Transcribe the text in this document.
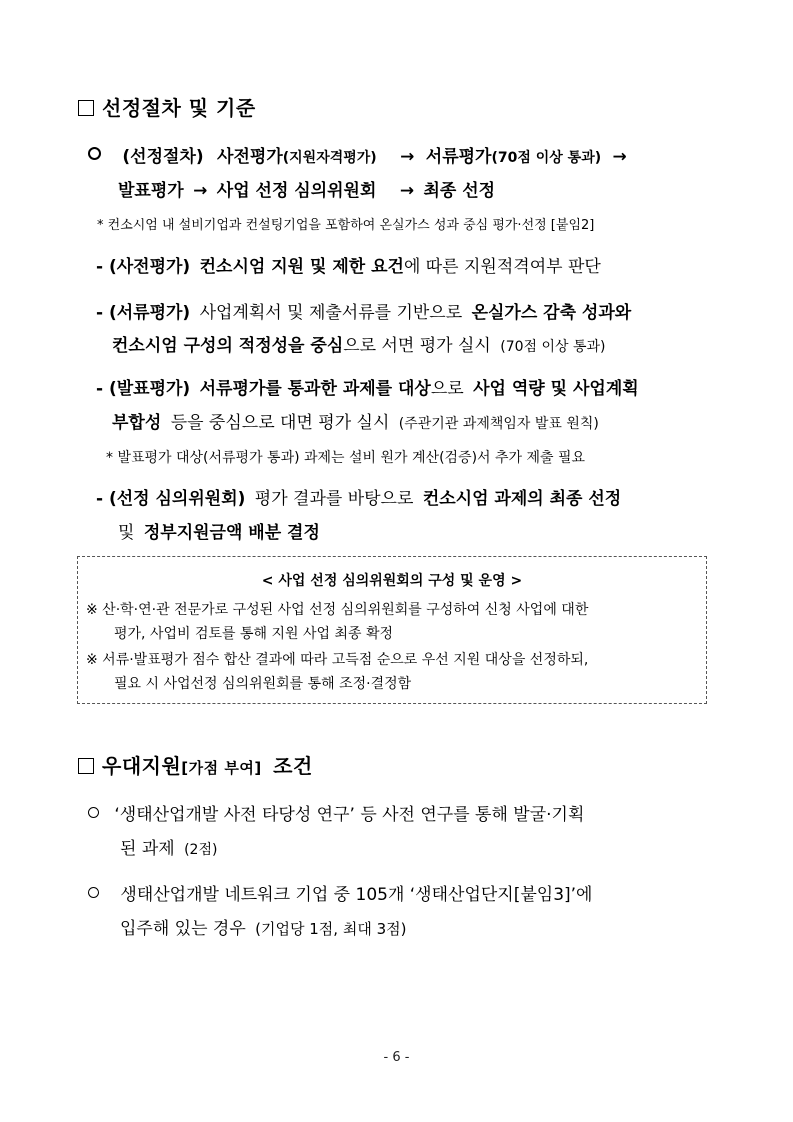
선정절차 및 기준
(선정절차) 사전평가(지원자격평가) → 서류평가(70점 이상 통과) →
발표평가 → 사업 선정 심의위원회 → 최종 선정
* 컨소시엄 내 설비기업과 컨설팅기업을 포함하여 온실가스 성과 중심 평가·선정 [붙임2]
- (사전평가) 컨소시엄 지원 및 제한 요건에 따른 지원적격여부 판단
- (서류평가) 사업계획서 및 제출서류를 기반으로 온실가스 감축 성과와
컨소시엄 구성의 적정성을 중심으로 서면 평가 실시 (70점 이상 통과)
- (발표평가) 서류평가를 통과한 과제를 대상으로 사업 역량 및 사업계획
부합성 등을 중심으로 대면 평가 실시 (주관기관 과제책임자 발표 원칙)
* 발표평가 대상(서류평가 통과) 과제는 설비 원가 계산(검증)서 추가 제출 필요
- (선정 심의위원회) 평가 결과를 바탕으로 컨소시엄 과제의 최종 선정
및 정부지원금액 배분 결정
< 사업 선정 심의위원회의 구성 및 운영 >
※ 산·학·연·관 전문가로 구성된 사업 선정 심의위원회를 구성하여 신청 사업에 대한
평가, 사업비 검토를 통해 지원 사업 최종 확정
※ 서류·발표평가 점수 합산 결과에 따라 고득점 순으로 우선 지원 대상을 선정하되,
필요 시 사업선정 심의위원회를 통해 조정·결정함
우대지원[가점 부여] 조건
‘생태산업개발 사전 타당성 연구’ 등 사전 연구를 통해 발굴·기획
된 과제 (2점)
생태산업개발 네트워크 기업 중 105개 ‘생태산업단지[붙임3]’에
입주해 있는 경우 (기업당 1점, 최대 3점)
- 6 -
